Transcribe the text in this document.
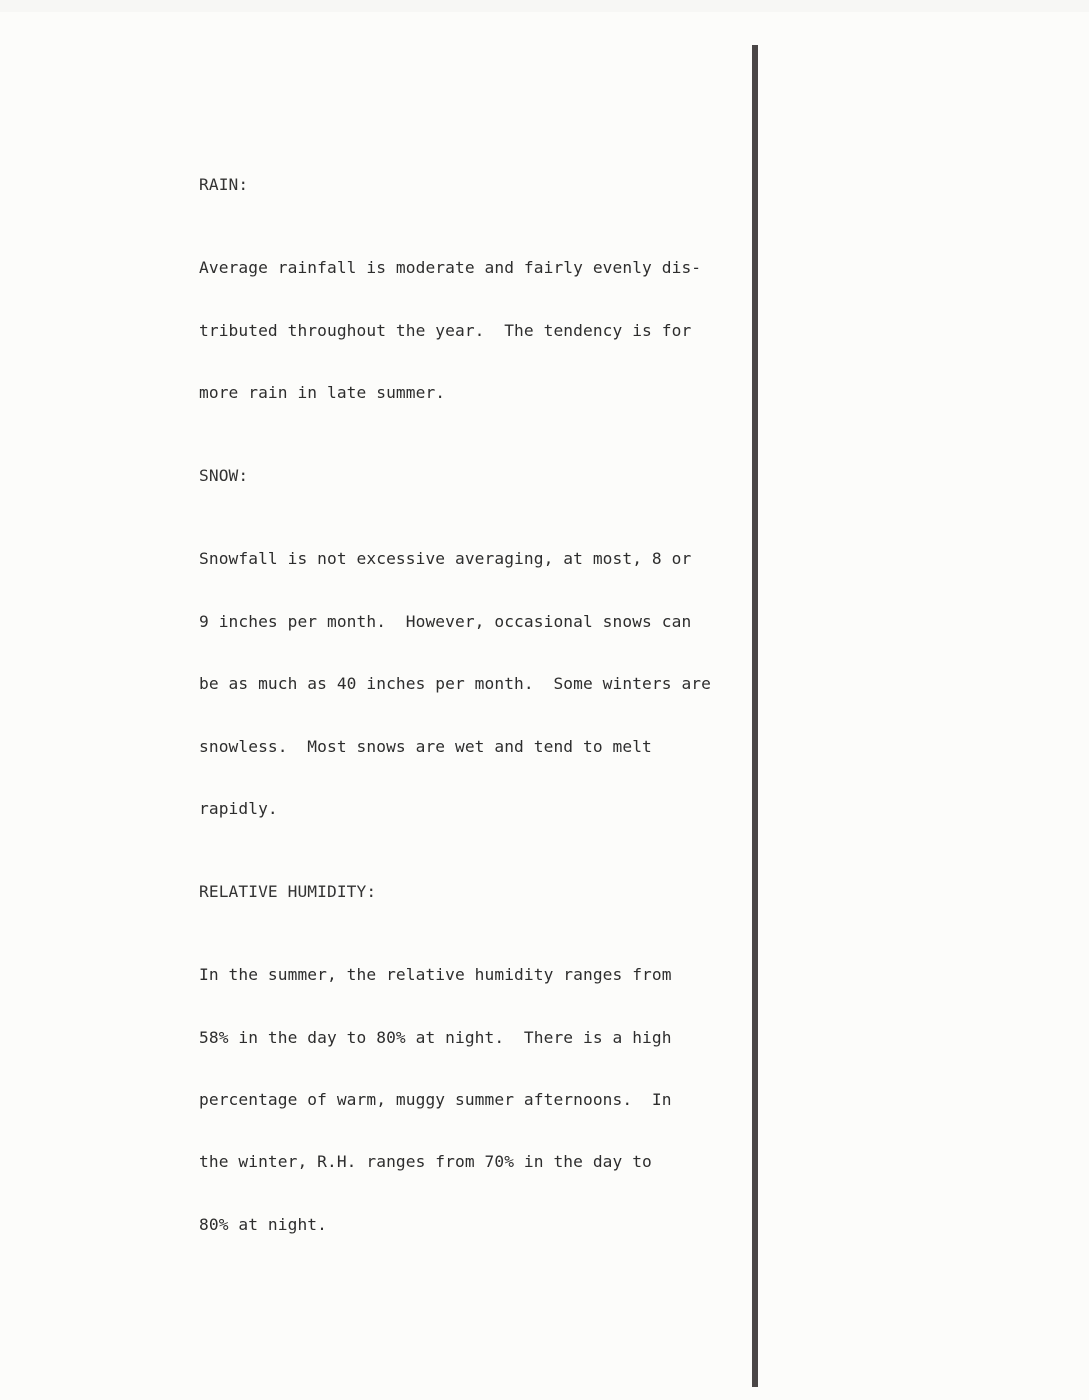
RAIN:

Average rainfall is moderate and fairly evenly dis-

tributed throughout the year.  The tendency is for

more rain in late summer.

SNOW:

Snowfall is not excessive averaging, at most, 8 or

9 inches per month.  However, occasional snows can

be as much as 40 inches per month.  Some winters are

snowless.  Most snows are wet and tend to melt

rapidly.

RELATIVE HUMIDITY:

In the summer, the relative humidity ranges from

58% in the day to 80% at night.  There is a high

percentage of warm, muggy summer afternoons.  In

the winter, R.H. ranges from 70% in the day to

80% at night.
